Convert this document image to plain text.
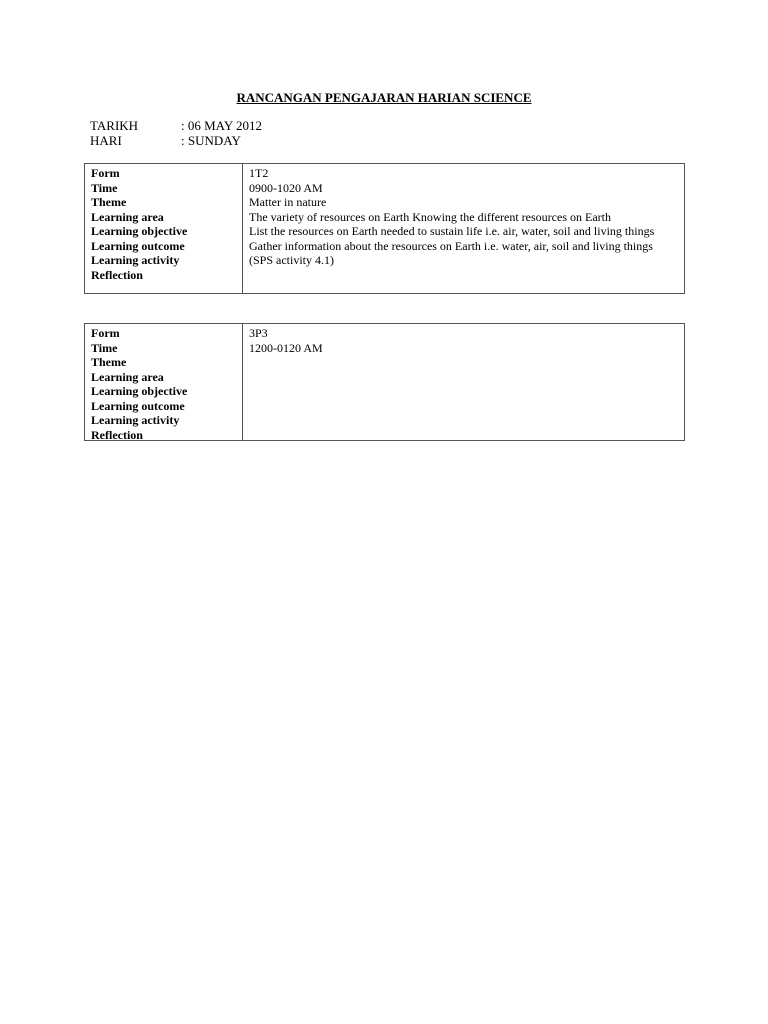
RANCANGAN PENGAJARAN HARIAN SCIENCE
TARIKH	: 06 MAY 2012
HARI	: SUNDAY
Form
Time
Theme
Learning area
Learning objective
Learning outcome
Learning activity
Reflection
1T2
0900-1020 AM
Matter in nature
The variety of resources on Earth Knowing the different resources on Earth
List the resources on Earth needed to sustain life i.e. air, water, soil and living things
Gather information about the resources on Earth i.e. water, air, soil and living things
(SPS activity 4.1)
Form
Time
Theme
Learning area
Learning objective
Learning outcome
Learning activity
Reflection
3P3
1200-0120 AM
